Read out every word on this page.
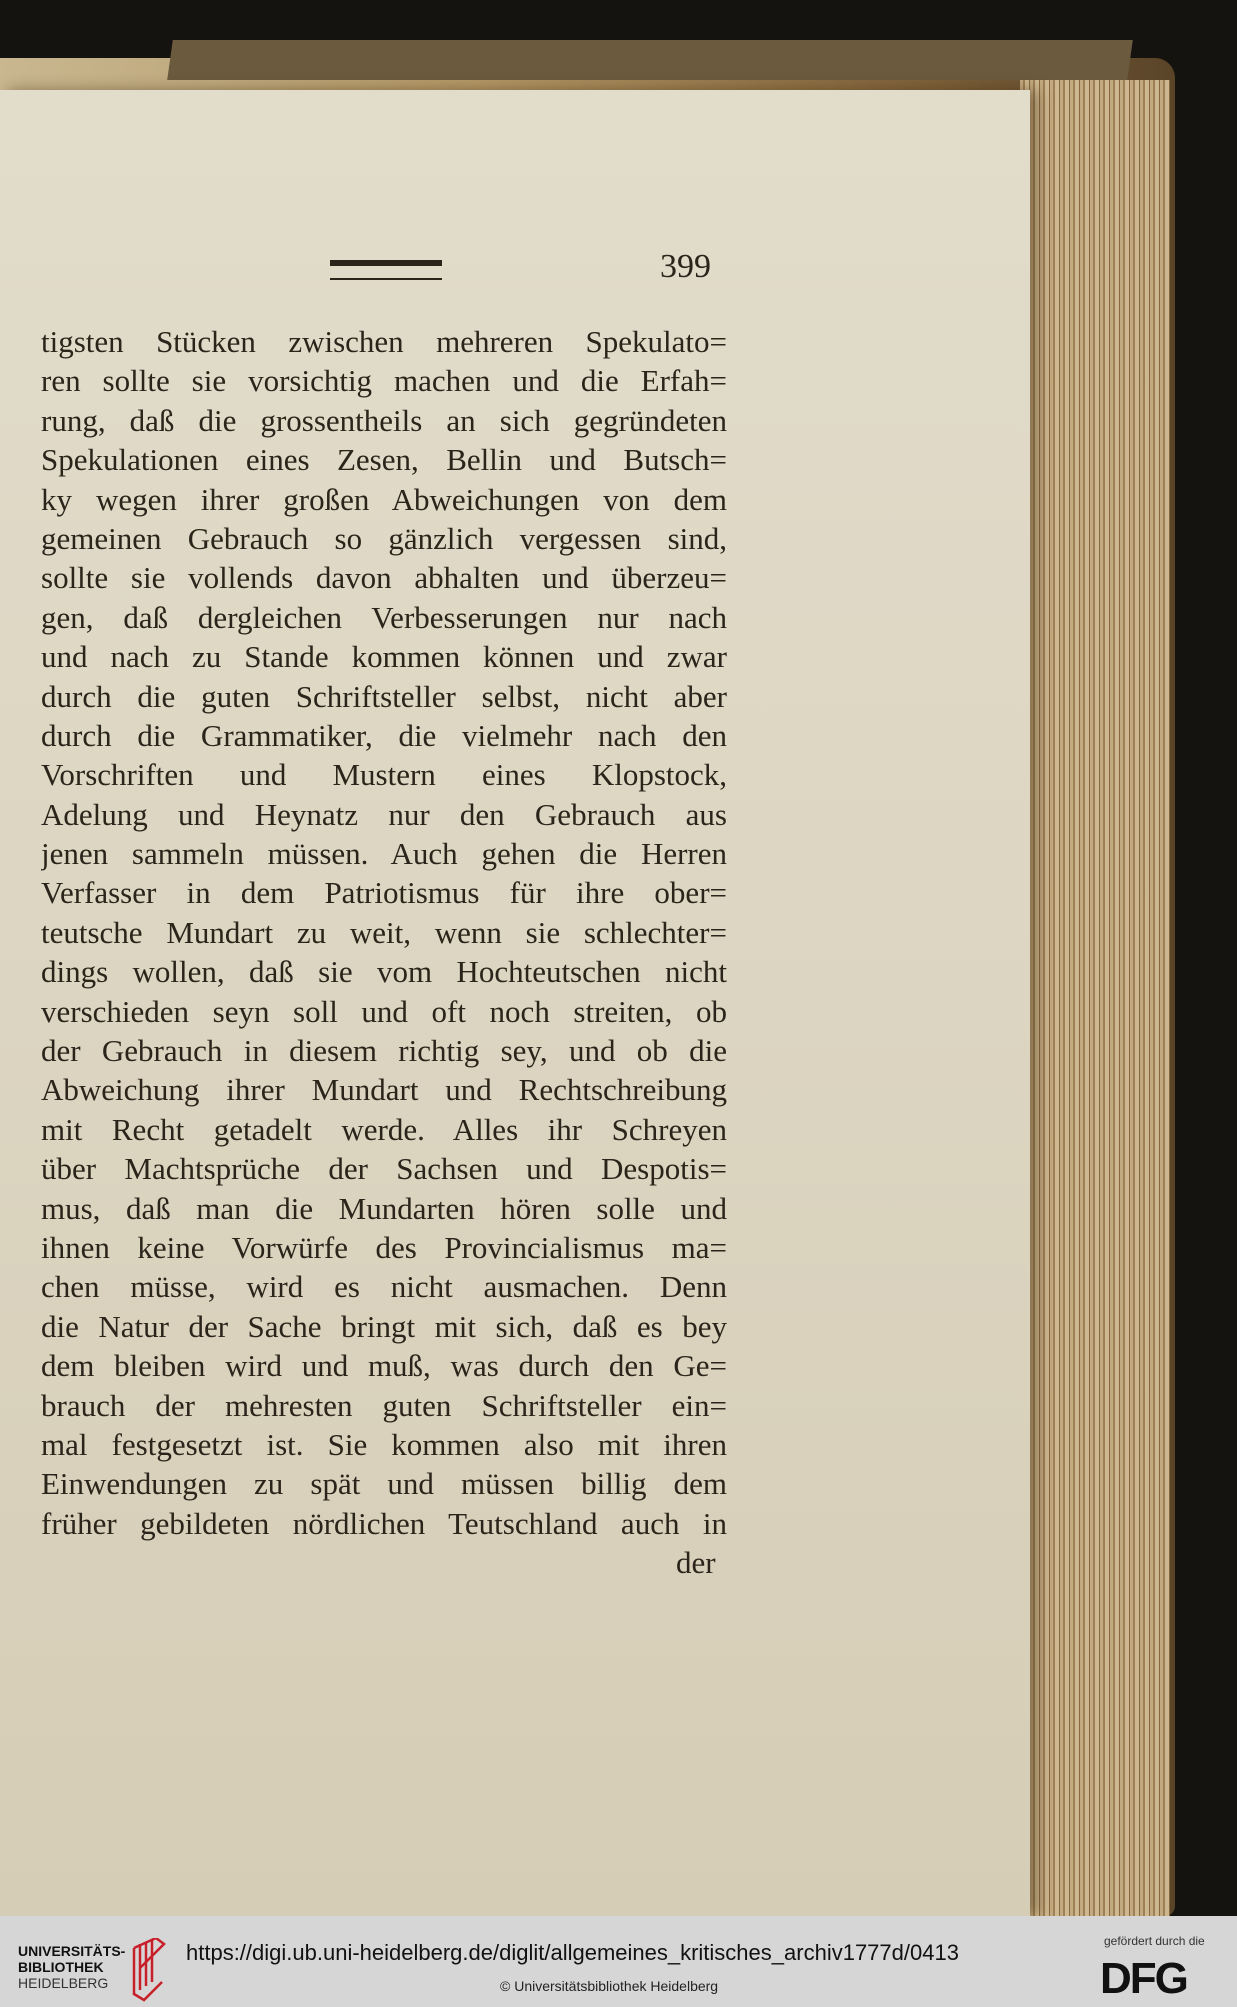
399
tigsten Stücken zwischen mehreren Spekulato=
ren sollte sie vorsichtig machen und die Erfah=
rung, daß die grossentheils an sich gegründeten
Spekulationen eines Zesen, Bellin und Butsch=
ky wegen ihrer großen Abweichungen von dem
gemeinen Gebrauch so gänzlich vergessen sind,
sollte sie vollends davon abhalten und überzeu=
gen, daß dergleichen Verbesserungen nur nach
und nach zu Stande kommen können und zwar
durch die guten Schriftsteller selbst, nicht aber
durch die Grammatiker, die vielmehr nach den
Vorschriften und Mustern eines Klopstock,
Adelung und Heynatz nur den Gebrauch aus
jenen sammeln müssen. Auch gehen die Herren
Verfasser in dem Patriotismus für ihre ober=
teutsche Mundart zu weit, wenn sie schlechter=
dings wollen, daß sie vom Hochteutschen nicht
verschieden seyn soll und oft noch streiten, ob
der Gebrauch in diesem richtig sey, und ob die
Abweichung ihrer Mundart und Rechtschreibung
mit Recht getadelt werde. Alles ihr Schreyen
über Machtsprüche der Sachsen und Despotis=
mus, daß man die Mundarten hören solle und
ihnen keine Vorwürfe des Provincialismus ma=
chen müsse, wird es nicht ausmachen. Denn
die Natur der Sache bringt mit sich, daß es bey
dem bleiben wird und muß, was durch den Ge=
brauch der mehresten guten Schriftsteller ein=
mal festgesetzt ist. Sie kommen also mit ihren
Einwendungen zu spät und müssen billig dem
früher gebildeten nördlichen Teutschland auch in
der
UNIVERSITÄTS-
BIBLIOTHEK
HEIDELBERG
https://digi.ub.uni-heidelberg.de/diglit/allgemeines_kritisches_archiv1777d/0413
© Universitätsbibliothek Heidelberg
gefördert durch die
DFG
